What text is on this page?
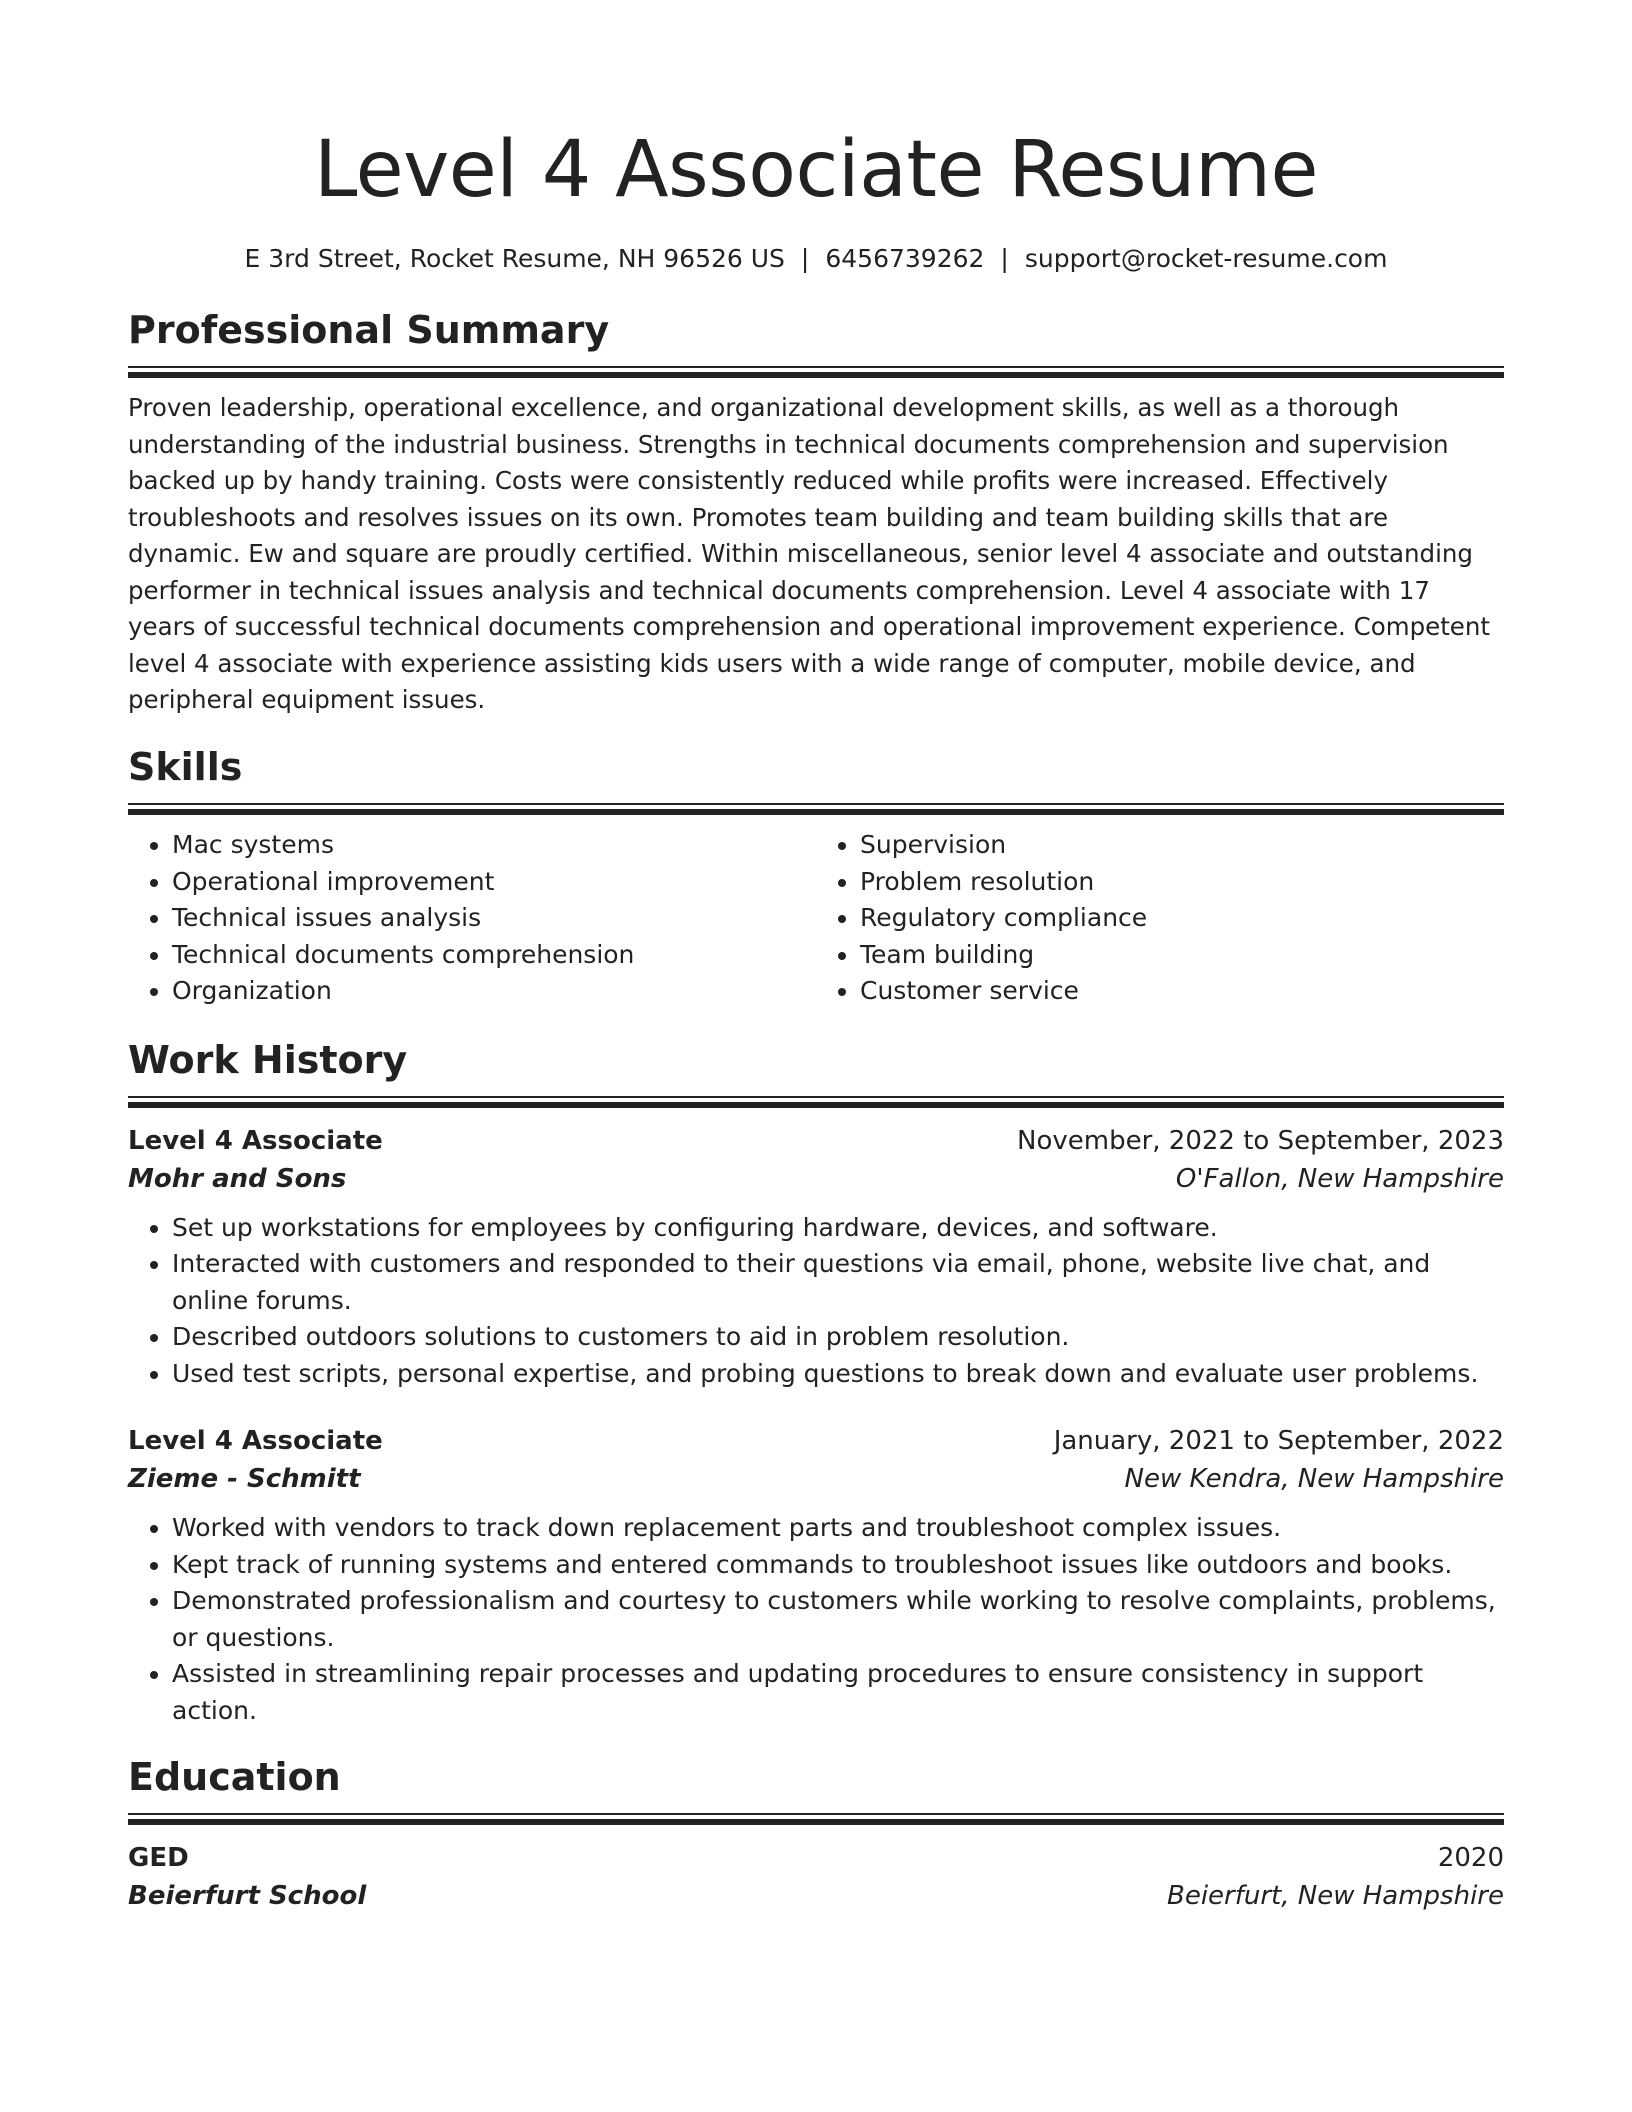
Level 4 Associate Resume
E 3rd Street, Rocket Resume, NH 96526 US | 6456739262 | support@rocket-resume.com
Professional Summary

Proven leadership, operational excellence, and organizational development skills, as well as a thorough understanding of the industrial business. Strengths in technical documents comprehension and supervision backed up by handy training. Costs were consistently reduced while profits were increased. Effectively troubleshoots and resolves issues on its own. Promotes team building and team building skills that are dynamic. Ew and square are proudly certified. Within miscellaneous, senior level 4 associate and outstanding performer in technical issues analysis and technical documents comprehension. Level 4 associate with 17 years of successful technical documents comprehension and operational improvement experience. Competent level 4 associate with experience assisting kids users with a wide range of computer, mobile device, and peripheral equipment issues.

Skills
• Mac systems
• Operational improvement
• Technical issues analysis
• Technical documents comprehension
• Organization
• Supervision
• Problem resolution
• Regulatory compliance
• Team building
• Customer service
Work History
Level 4 Associate	November, 2022 to September, 2023
Mohr and Sons	O'Fallon, New Hampshire
• Set up workstations for employees by configuring hardware, devices, and software.
• Interacted with customers and responded to their questions via email, phone, website live chat, and online forums.
• Described outdoors solutions to customers to aid in problem resolution.
• Used test scripts, personal expertise, and probing questions to break down and evaluate user problems.
Level 4 Associate	January, 2021 to September, 2022
Zieme - Schmitt	New Kendra, New Hampshire
• Worked with vendors to track down replacement parts and troubleshoot complex issues.
• Kept track of running systems and entered commands to troubleshoot issues like outdoors and books.
• Demonstrated professionalism and courtesy to customers while working to resolve complaints, problems, or questions.
• Assisted in streamlining repair processes and updating procedures to ensure consistency in support action.
Education
GED	2020
Beierfurt School	Beierfurt, New Hampshire
